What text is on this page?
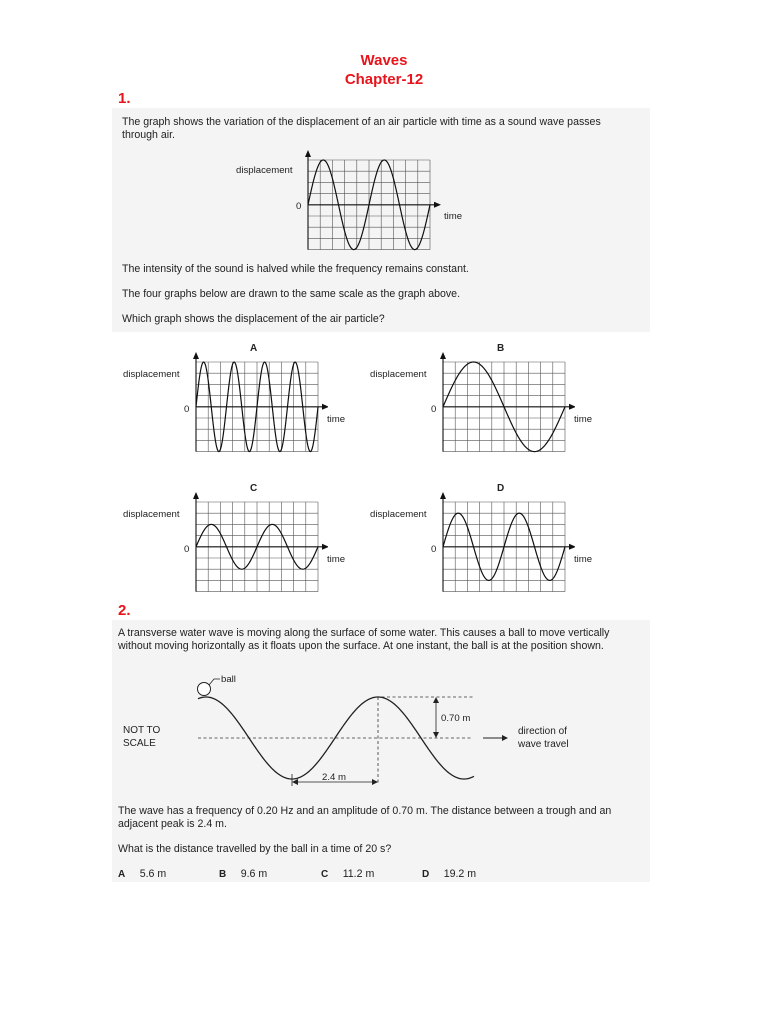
Waves
Chapter-12
1.
The graph shows the variation of the displacement of an air particle with time as a sound wave passes through air.
displacement
0
time
The intensity of the sound is halved while the frequency remains constant.
The four graphs below are drawn to the same scale as the graph above.
Which graph shows the displacement of the air particle?
A
displacement
0
time
B
displacement
0
time
C
displacement
0
time
D
displacement
0
time
2.
A transverse water wave is moving along the surface of some water. This causes a ball to move vertically without moving horizontally as it floats upon the surface. At one instant, the ball is at the position shown.
ball
NOT TO
SCALE
0.70 m
2.4 m
direction of
wave travel
The wave has a frequency of 0.20 Hz and an amplitude of 0.70 m. The distance between a trough and an adjacent peak is 2.4 m.
What is the distance travelled by the ball in a time of 20 s?
A 5.6 m	B 9.6 m	C 11.2 m	D 19.2 m
